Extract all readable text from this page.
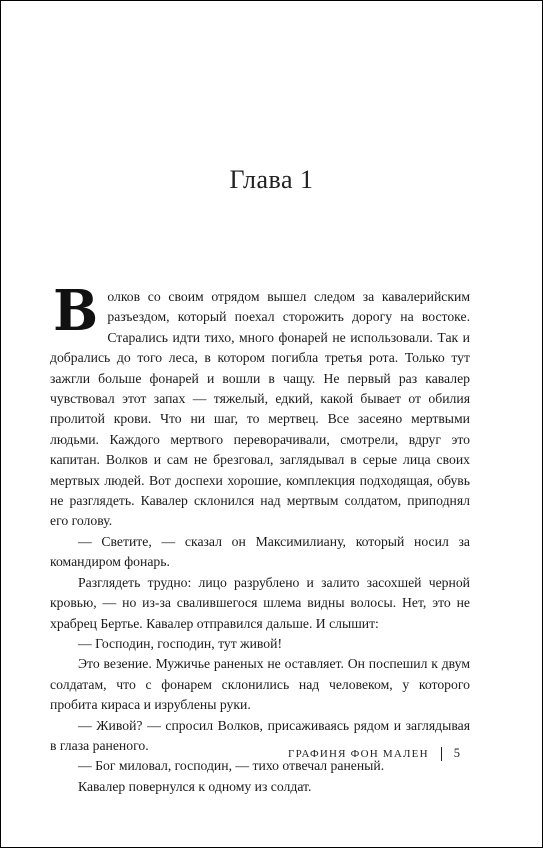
Глава 1

Волков со своим отрядом вышел следом за кавалерийским разъездом, который поехал сторожить дорогу на востоке. Старались идти тихо, много фонарей не использовали. Так и добрались до того леса, в котором погибла третья рота. Только тут зажгли больше фонарей и вошли в чащу. Не первый раз кавалер чувствовал этот запах — тяжелый, едкий, какой бывает от обилия пролитой крови. Что ни шаг, то мертвец. Все засеяно мертвыми людьми. Каждого мертвого переворачивали, смотрели, вдруг это капитан. Волков и сам не брезговал, заглядывал в серые лица своих мертвых людей. Вот доспехи хорошие, комплекция подходящая, обувь не разглядеть. Кавалер склонился над мертвым солдатом, приподнял его голову.

— Светите, — сказал он Максимилиану, который носил за командиром фонарь.

Разглядеть трудно: лицо разрублено и залито засохшей черной кровью, — но из-за свалившегося шлема видны волосы. Нет, это не храбрец Бертье. Кавалер отправился дальше. И слышит:

— Господин, господин, тут живой!

Это везение. Мужичье раненых не оставляет. Он поспешил к двум солдатам, что с фонарем склонились над человеком, у которого пробита кираса и изрублены руки.

— Живой? — спросил Волков, присаживаясь рядом и заглядывая в глаза раненого.

— Бог миловал, господин, — тихо отвечал раненый.

Кавалер повернулся к одному из солдат.

ГРАФИНЯ ФОН МАЛЕН 5
